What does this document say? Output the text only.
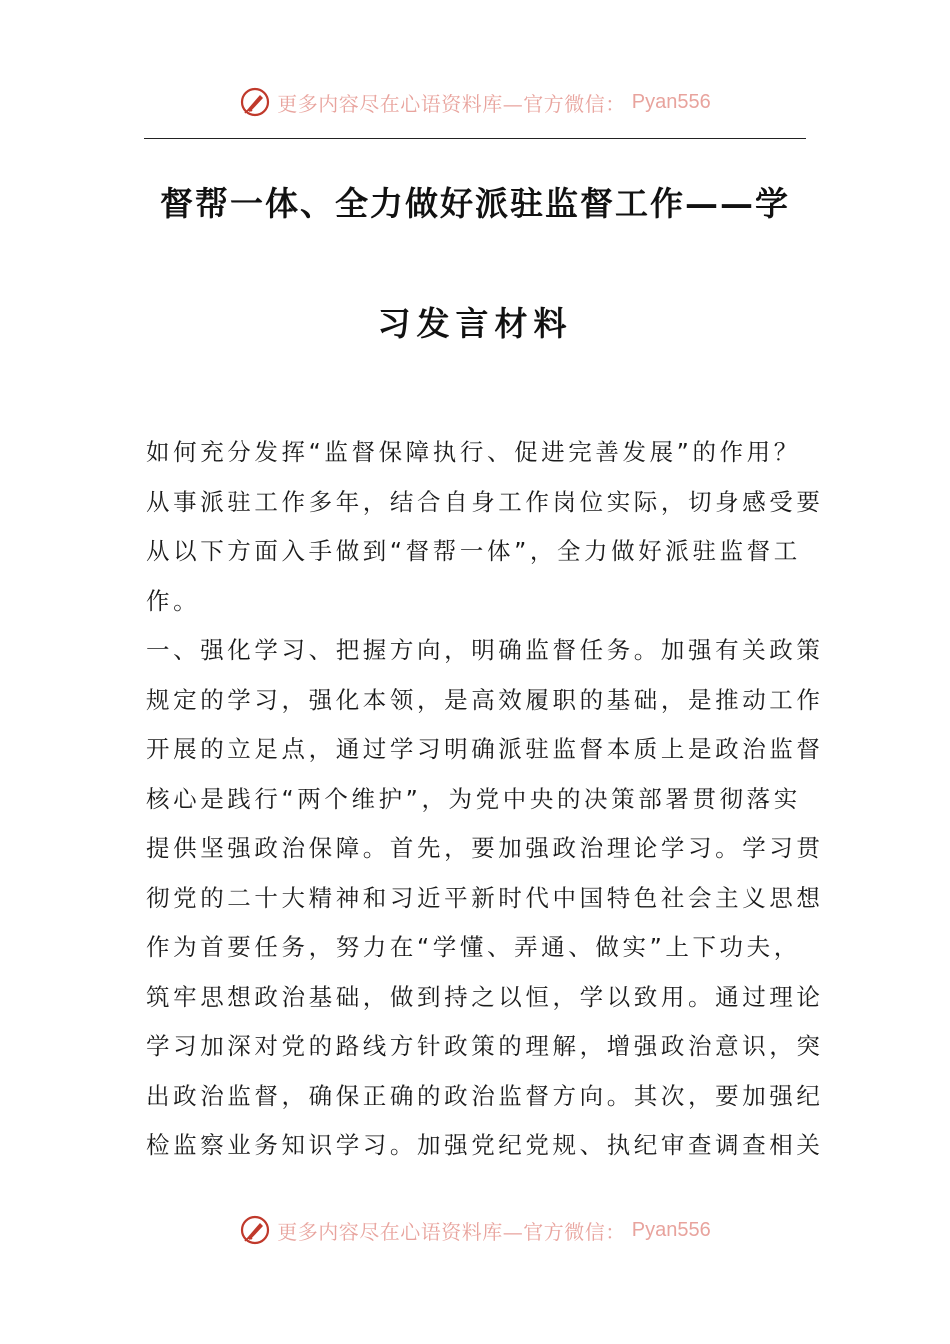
更多内容尽在心语资料库—官方微信： Pyan556
督帮一体、全力做好派驻监督工作——学
习发言材料
如何充分发挥“监督保障执行、促进完善发展”的作用？
从事派驻工作多年，结合自身工作岗位实际，切身感受要
从以下方面入手做到“督帮一体”，全力做好派驻监督工
作。
一、强化学习、把握方向，明确监督任务。加强有关政策
规定的学习，强化本领，是高效履职的基础，是推动工作
开展的立足点，通过学习明确派驻监督本质上是政治监督
核心是践行“两个维护”，为党中央的决策部署贯彻落实
提供坚强政治保障。首先，要加强政治理论学习。学习贯
彻党的二十大精神和习近平新时代中国特色社会主义思想
作为首要任务，努力在“学懂、弄通、做实”上下功夫，
筑牢思想政治基础，做到持之以恒，学以致用。通过理论
学习加深对党的路线方针政策的理解，增强政治意识，突
出政治监督，确保正确的政治监督方向。其次，要加强纪
检监察业务知识学习。加强党纪党规、执纪审查调查相关
更多内容尽在心语资料库—官方微信： Pyan556
